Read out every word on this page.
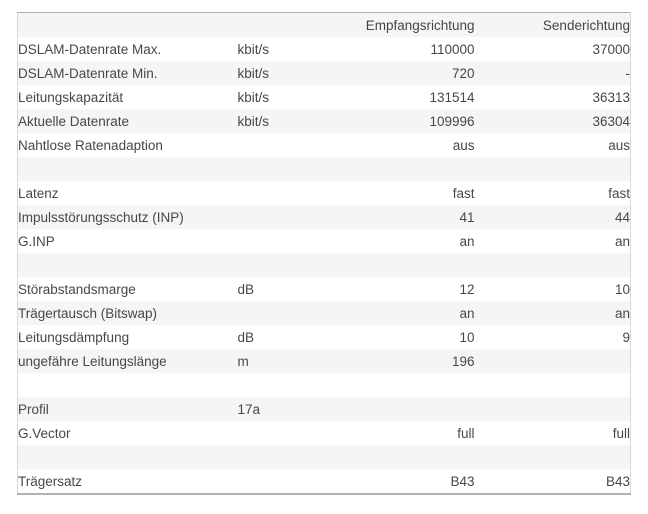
		Empfangsrichtung	Senderichtung
DSLAM-Datenrate Max.	kbit/s	110000	37000
DSLAM-Datenrate Min.	kbit/s	720	-
Leitungskapazität	kbit/s	131514	36313
Aktuelle Datenrate	kbit/s	109996	36304
Nahtlose Ratenadaption		aus	aus

Latenz		fast	fast
Impulsstörungsschutz (INP)		41	44
G.INP		an	an

Störabstandsmarge	dB	12	10
Trägertausch (Bitswap)		an	an
Leitungsdämpfung	dB	10	9
ungefähre Leitungslänge	m	196	

Profil	17a		
G.Vector		full	full

Trägersatz		B43	B43
